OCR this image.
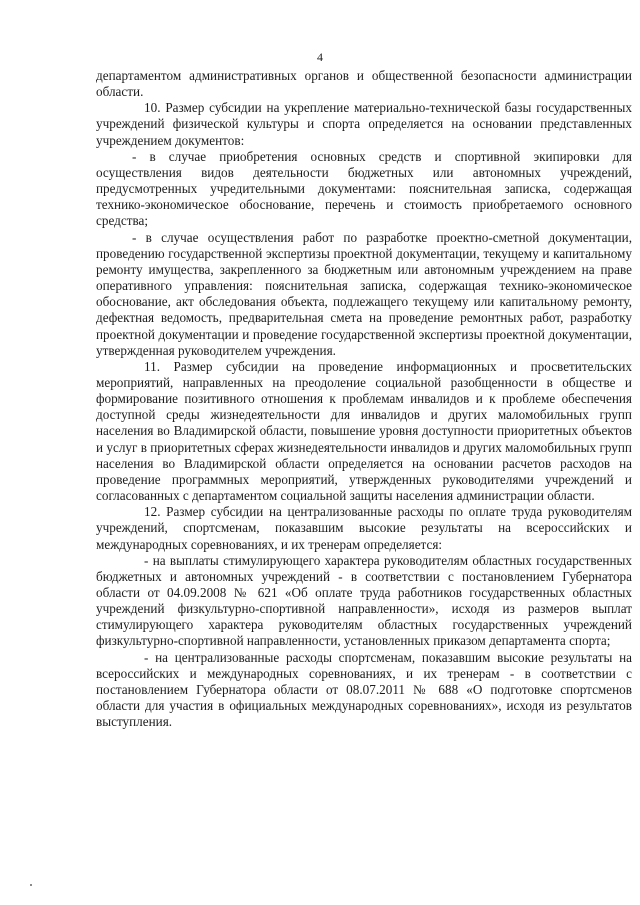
4

департаментом административных органов и общественной безопасности администрации области.

10. Размер субсидии на укрепление материально-технической базы государственных учреждений физической культуры и спорта определяется на основании представленных учреждением документов:

- в случае приобретения основных средств и спортивной экипировки для осуществления видов деятельности бюджетных или автономных учреждений, предусмотренных учредительными документами: пояснительная записка, содержащая технико-экономическое обоснование, перечень и стоимость приобретаемого основного средства;

- в случае осуществления работ по разработке проектно-сметной документации, проведению государственной экспертизы проектной документации, текущему и капитальному ремонту имущества, закрепленного за бюджетным или автономным учреждением на праве оперативного управления: пояснительная записка, содержащая технико-экономическое обоснование, акт обследования объекта, подлежащего текущему или капитальному ремонту, дефектная ведомость, предварительная смета на проведение ремонтных работ, разработку проектной документации и проведение государственной экспертизы проектной документации, утвержденная руководителем учреждения.

11. Размер субсидии на проведение информационных и просветительских мероприятий, направленных на преодоление социальной разобщенности в обществе и формирование позитивного отношения к проблемам инвалидов и к проблеме обеспечения доступной среды жизнедеятельности для инвалидов и других маломобильных групп населения во Владимирской области, повышение уровня доступности приоритетных объектов и услуг в приоритетных сферах жизнедеятельности инвалидов и других маломобильных групп населения во Владимирской области определяется на основании расчетов расходов на проведение программных мероприятий, утвержденных руководителями учреждений и согласованных с департаментом социальной защиты населения администрации области.

12. Размер субсидии на централизованные расходы по оплате труда руководителям учреждений, спортсменам, показавшим высокие результаты на всероссийских и международных соревнованиях, и их тренерам определяется:

- на выплаты стимулирующего характера руководителям областных государственных бюджетных и автономных учреждений - в соответствии с постановлением Губернатора области от 04.09.2008 № 621 «Об оплате труда работников государственных областных учреждений физкультурно-спортивной направленности», исходя из размеров выплат стимулирующего характера руководителям областных государственных учреждений физкультурно-спортивной направленности, установленных приказом департамента спорта;

- на централизованные расходы спортсменам, показавшим высокие результаты на всероссийских и международных соревнованиях, и их тренерам - в соответствии с постановлением Губернатора области от 08.07.2011 № 688 «О подготовке спортсменов области для участия в официальных международных соревнованиях», исходя из результатов выступления.
